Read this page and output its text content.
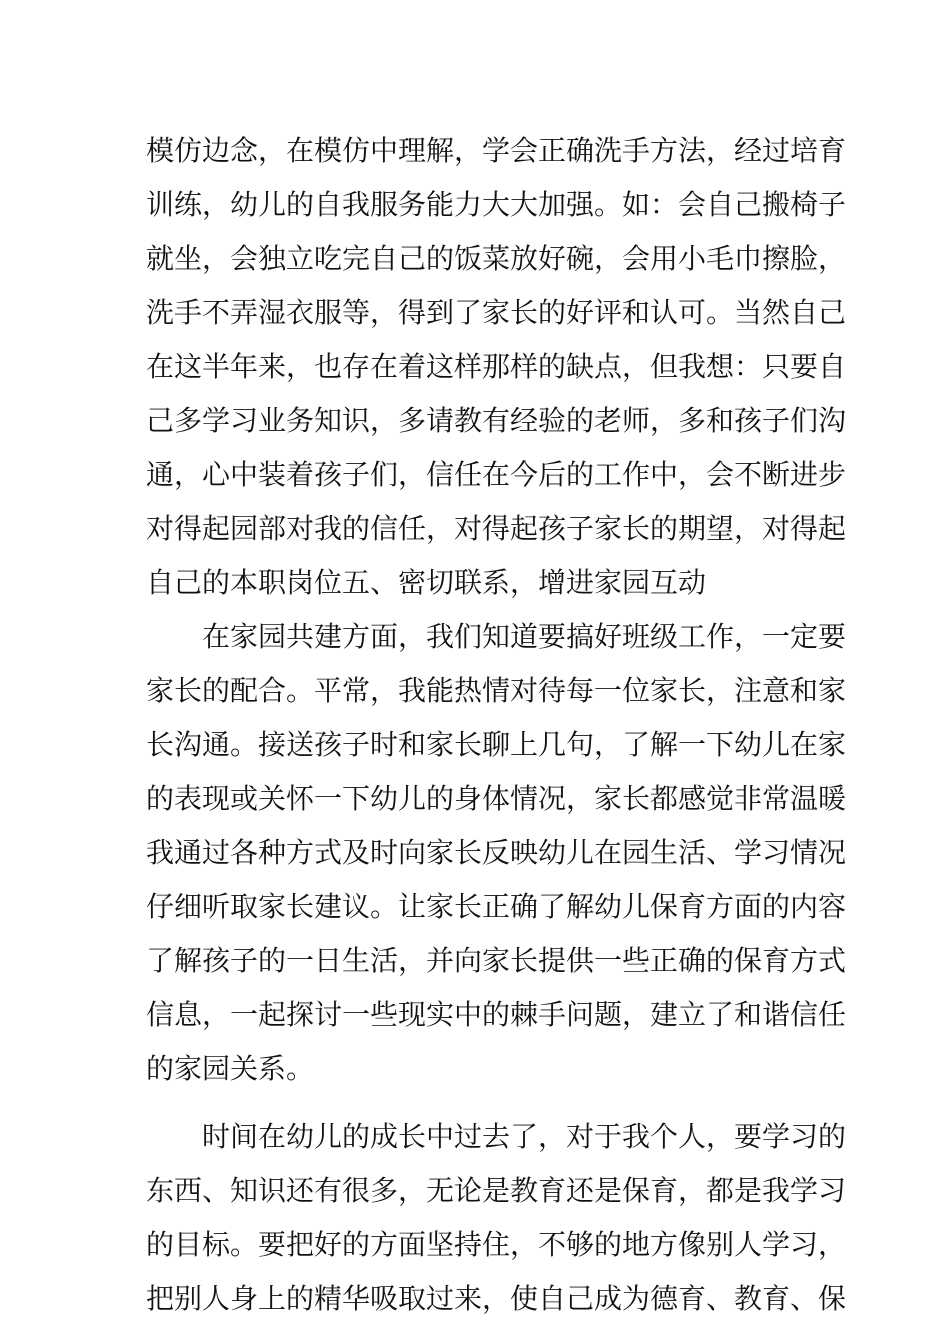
模仿边念，在模仿中理解，学会正确洗手方法，经过培育
训练，幼儿的自我服务能力大大加强。如：会自己搬椅子
就坐，会独立吃完自己的饭菜放好碗，会用小毛巾擦脸，
洗手不弄湿衣服等，得到了家长的好评和认可。当然自己
在这半年来，也存在着这样那样的缺点，但我想：只要自
己多学习业务知识，多请教有经验的老师，多和孩子们沟
通，心中装着孩子们，信任在今后的工作中，会不断进步
对得起园部对我的信任，对得起孩子家长的期望，对得起
自己的本职岗位五、密切联系，增进家园互动
在家园共建方面，我们知道要搞好班级工作，一定要
家长的配合。平常，我能热情对待每一位家长，注意和家
长沟通。接送孩子时和家长聊上几句，了解一下幼儿在家
的表现或关怀一下幼儿的身体情况，家长都感觉非常温暖
我通过各种方式及时向家长反映幼儿在园生活、学习情况
仔细听取家长建议。让家长正确了解幼儿保育方面的内容
了解孩子的一日生活，并向家长提供一些正确的保育方式
信息，一起探讨一些现实中的棘手问题，建立了和谐信任
的家园关系。
时间在幼儿的成长中过去了，对于我个人，要学习的
东西、知识还有很多，无论是教育还是保育，都是我学习
的目标。要把好的方面坚持住，不够的地方像别人学习，
把别人身上的精华吸取过来，使自己成为德育、教育、保
